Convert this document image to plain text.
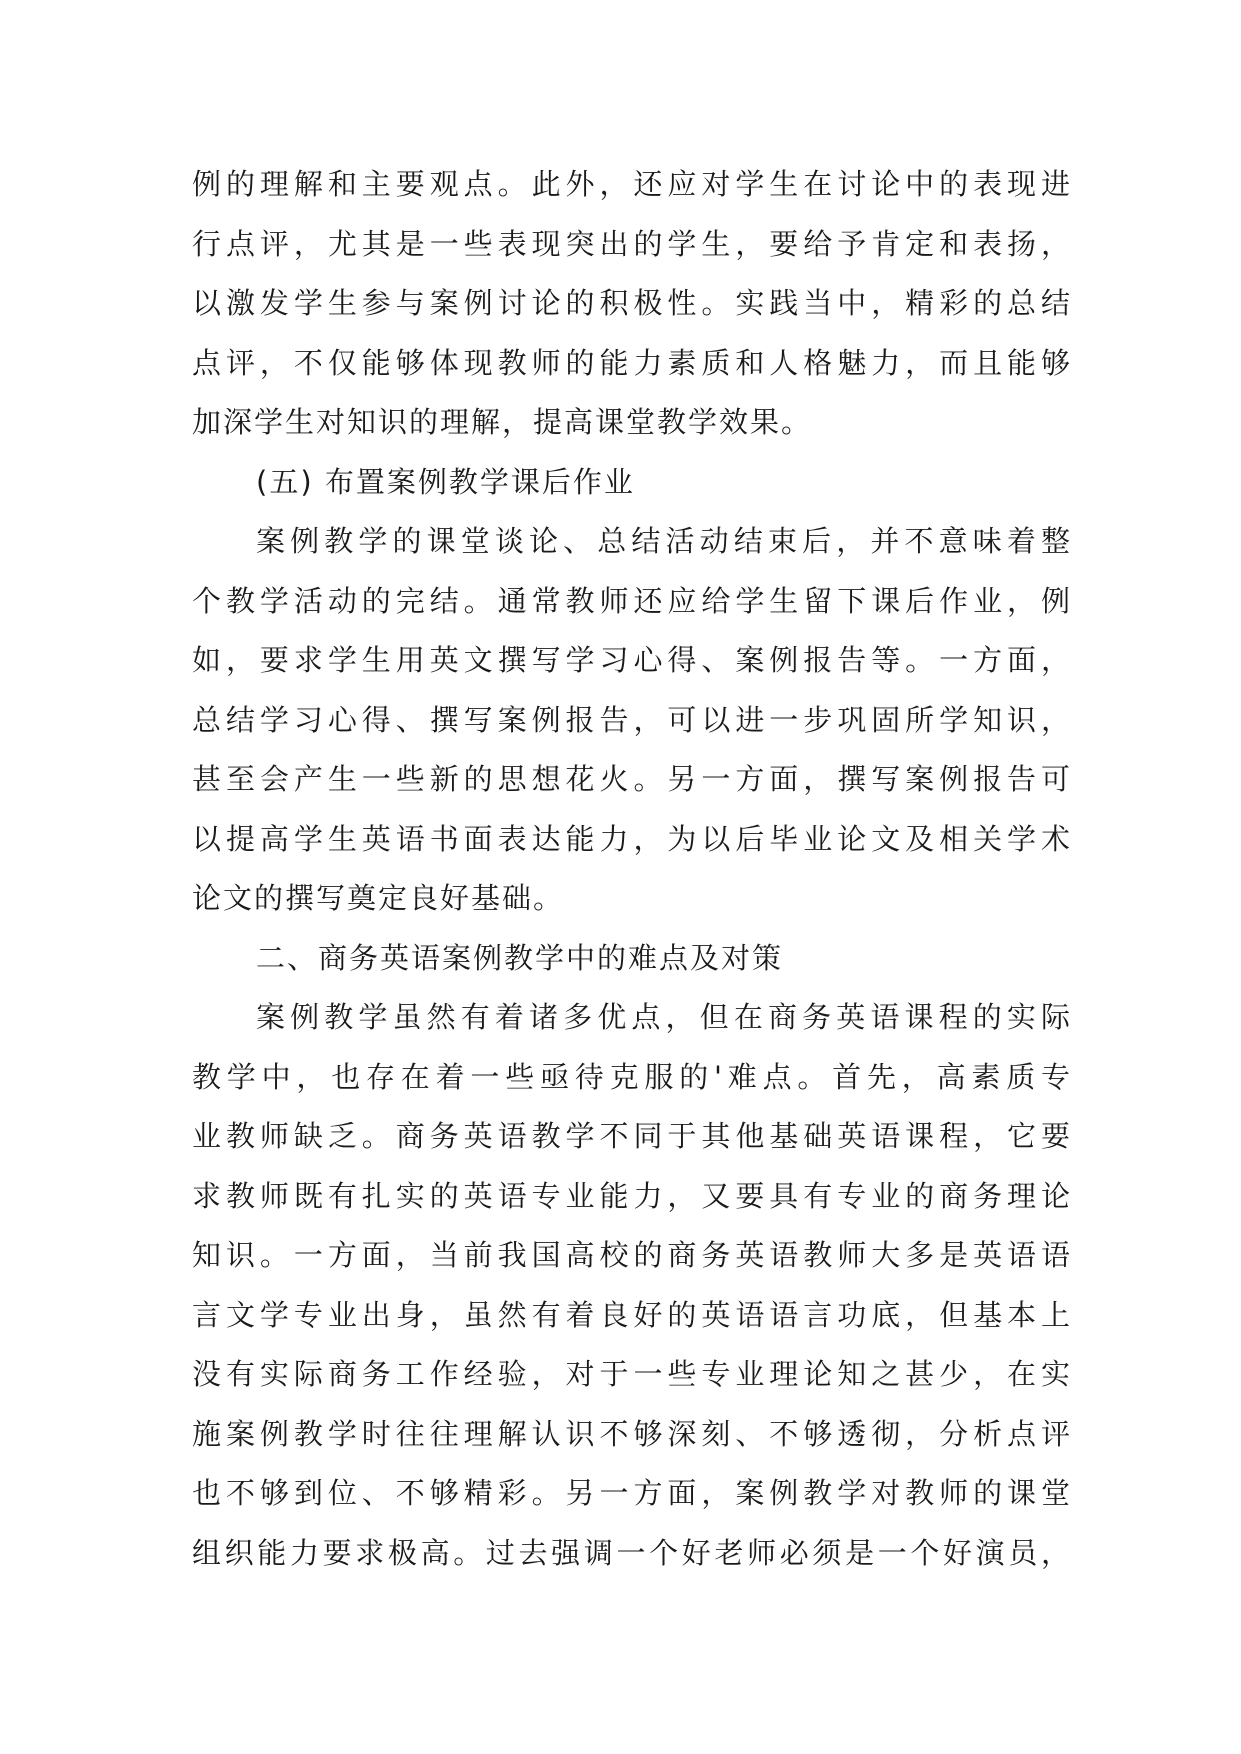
例的理解和主要观点。此外，还应对学生在讨论中的表现进
行点评，尤其是一些表现突出的学生，要给予肯定和表扬，
以激发学生参与案例讨论的积极性。实践当中，精彩的总结
点评，不仅能够体现教师的能力素质和人格魅力，而且能够
加深学生对知识的理解，提高课堂教学效果。
(五) 布置案例教学课后作业
案例教学的课堂谈论、总结活动结束后，并不意味着整
个教学活动的完结。通常教师还应给学生留下课后作业，例
如，要求学生用英文撰写学习心得、案例报告等。一方面，
总结学习心得、撰写案例报告，可以进一步巩固所学知识，
甚至会产生一些新的思想花火。另一方面，撰写案例报告可
以提高学生英语书面表达能力，为以后毕业论文及相关学术
论文的撰写奠定良好基础。
二、商务英语案例教学中的难点及对策
案例教学虽然有着诸多优点，但在商务英语课程的实际
教学中，也存在着一些亟待克服的'难点。首先，高素质专
业教师缺乏。商务英语教学不同于其他基础英语课程，它要
求教师既有扎实的英语专业能力，又要具有专业的商务理论
知识。一方面，当前我国高校的商务英语教师大多是英语语
言文学专业出身，虽然有着良好的英语语言功底，但基本上
没有实际商务工作经验，对于一些专业理论知之甚少，在实
施案例教学时往往理解认识不够深刻、不够透彻，分析点评
也不够到位、不够精彩。另一方面，案例教学对教师的课堂
组织能力要求极高。过去强调一个好老师必须是一个好演员，
